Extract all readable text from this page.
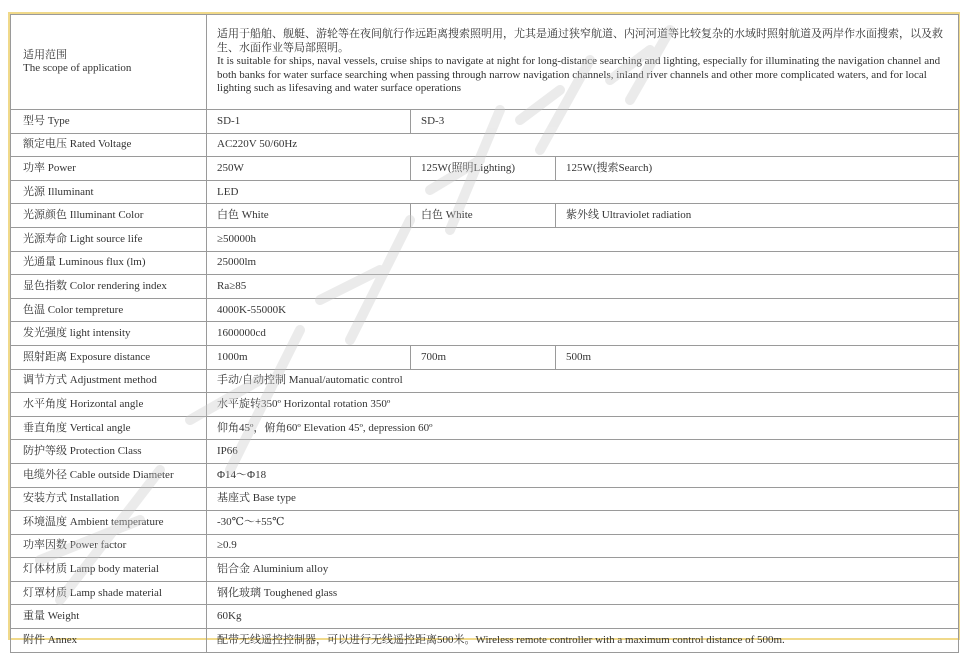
适用范围
The scope of application	适用于船舶、舰艇、游轮等在夜间航行作远距离搜索照明用，尤其是通过狭窄航道、内河河道等比较复杂的水域时照射航道及两岸作水面搜索，以及救生、水面作业等局部照明。
It is suitable for ships, naval vessels, cruise ships to navigate at night for long-distance searching and lighting, especially for illuminating the navigation channel and both banks for water surface searching when passing through narrow navigation channels, inland river channels and other more complicated waters, and for local lighting such as lifesaving and water surface operations		

型号 Type	SD-1	SD-3	
额定电压 Rated Voltage	AC220V 50/60Hz		
功率 Power	250W	125W(照明Lighting)	125W(搜索Search)
光源 Illuminant	LED		
光源颜色 Illuminant Color	白色 White	白色 White	紫外线 Ultraviolet radiation
光源寿命 Light source life	≥50000h		
光通量 Luminous flux (lm)	25000lm		
显色指数 Color rendering index	Ra≥85		
色温 Color tempreture	4000K-55000K		
发光强度 light intensity	1600000cd		
照射距离 Exposure distance	1000m	700m	500m
调节方式 Adjustment method	手动/自动控制 Manual/automatic control		
水平角度 Horizontal angle	水平旋转350º Horizontal rotation 350º		
垂直角度 Vertical angle	仰角45º，俯角60º Elevation 45º, depression 60º		
防护等级 Protection Class	IP66		
电缆外径 Cable outside Diameter	Φ14～Φ18		
安装方式 Installation	基座式 Base type		
环境温度 Ambient temperature	-30℃～+55℃		
功率因数 Power factor	≥0.9		
灯体材质 Lamp body material	铝合金 Aluminium alloy		
灯罩材质 Lamp shade material	钢化玻璃 Toughened glass		
重量 Weight	60Kg		
附件 Annex	配带无线遥控控制器，可以进行无线遥控距离500米。Wireless remote controller with a maximum control distance of 500m.		
